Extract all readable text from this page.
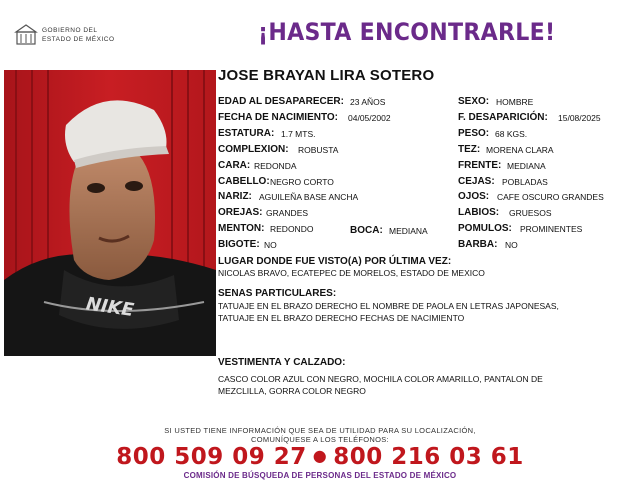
GOBIERNO DEL
ESTADO DE MÉXICO	¡HASTA ENCONTRARLE!
NIKE
JOSE BRAYAN LIRA SOTERO
EDAD AL DESAPARECER: 23 AÑOS
FECHA DE NACIMIENTO: 04/05/2002
ESTATURA: 1.7 MTS.
COMPLEXION: ROBUSTA
CARA: REDONDA
CABELLO: NEGRO CORTO
NARIZ: AGUILEÑA BASE ANCHA
OREJAS: GRANDES
MENTON: REDONDO	BOCA: MEDIANA
BIGOTE: NO
SEXO: HOMBRE
F. DESAPARICIÓN: 15/08/2025
PESO: 68 KGS.
TEZ: MORENA CLARA
FRENTE: MEDIANA
CEJAS: POBLADAS
OJOS: CAFE OSCURO GRANDES
LABIOS: GRUESOS
POMULOS: PROMINENTES
BARBA: NO
LUGAR DONDE FUE VISTO(A) POR ÚLTIMA VEZ:
NICOLAS BRAVO, ECATEPEC DE MORELOS, ESTADO DE MEXICO
SENAS PARTICULARES:
TATUAJE EN EL BRAZO DERECHO EL NOMBRE DE PAOLA EN LETRAS JAPONESAS,
TATUAJE EN EL BRAZO DERECHO FECHAS DE NACIMIENTO
VESTIMENTA Y CALZADO:
CASCO COLOR AZUL CON NEGRO, MOCHILA COLOR AMARILLO, PANTALON DE
MEZCLILLA, GORRA COLOR NEGRO
SI USTED TIENE INFORMACIÓN QUE SEA DE UTILIDAD PARA SU LOCALIZACIÓN,
COMUNÍQUESE A LOS TELÉFONOS:
800 509 09 27 ● 800 216 03 61
COMISIÓN DE BÚSQUEDA DE PERSONAS DEL ESTADO DE MÉXICO
